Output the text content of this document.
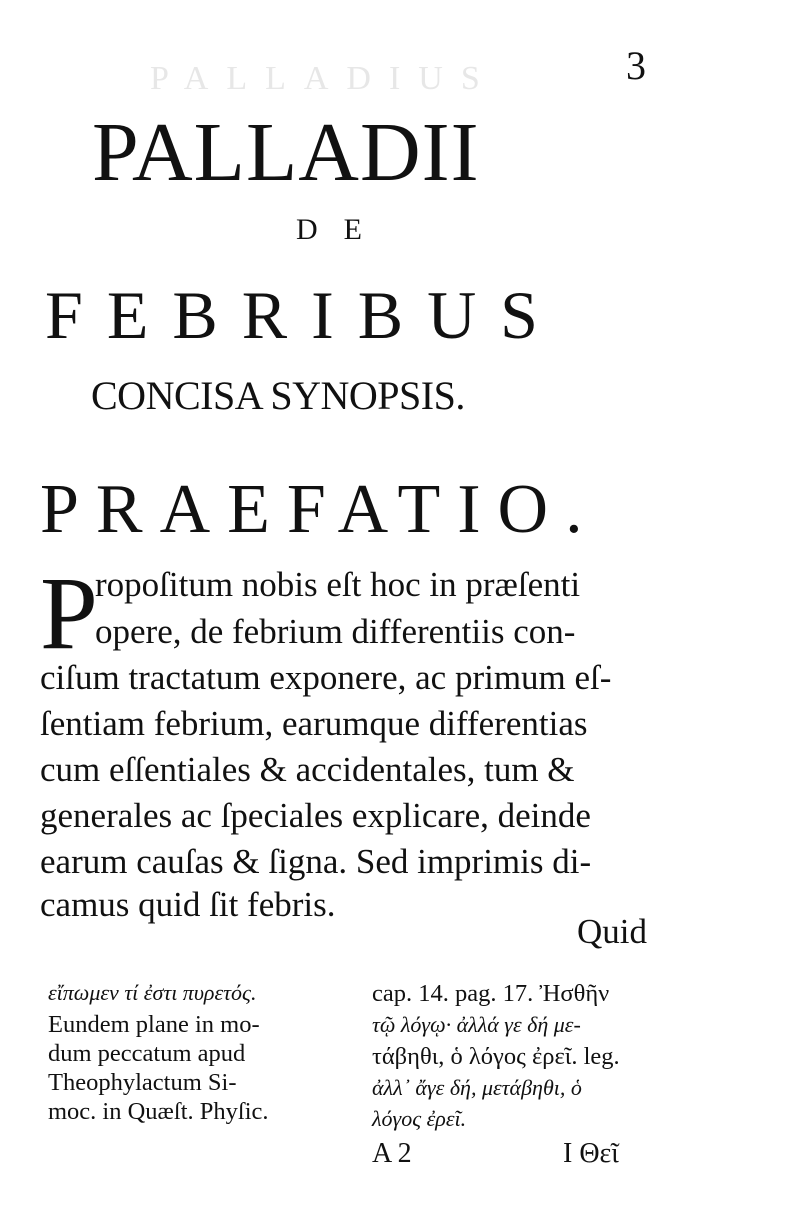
PALLADIUS	3
PALLADII
DE
FEBRIBUS
CONCISA SYNOPSIS.
PRAEFATIO.
P
ropoſitum nobis eſt hoc in præſenti
opere, de febrium differentiis con-
ciſum tractatum exponere, ac primum eſ-
ſentiam febrium, earumque differentias
cum eſſentiales & accidentales, tum &
generales ac ſpeciales explicare, deinde
earum cauſas & ſigna. Sed imprimis di-
camus quid ſit febris.
Quid
εἴπωμεν τί ἐστι πυρετός.
Eundem plane in mo-
dum peccatum apud
Theophylactum Si-
moc. in Quæſt. Phyſic.
cap. 14. pag. 17. Ἠσθῆν
τῷ λόγῳ· ἀλλά γε δή με-
τάβηθι, ὁ λόγος ἐρεῖ. leg.
ἀλλ᾽ ἄγε δή, μετάβηθι, ὁ
λόγος ἐρεῖ.
A 2	I Θεῖ
